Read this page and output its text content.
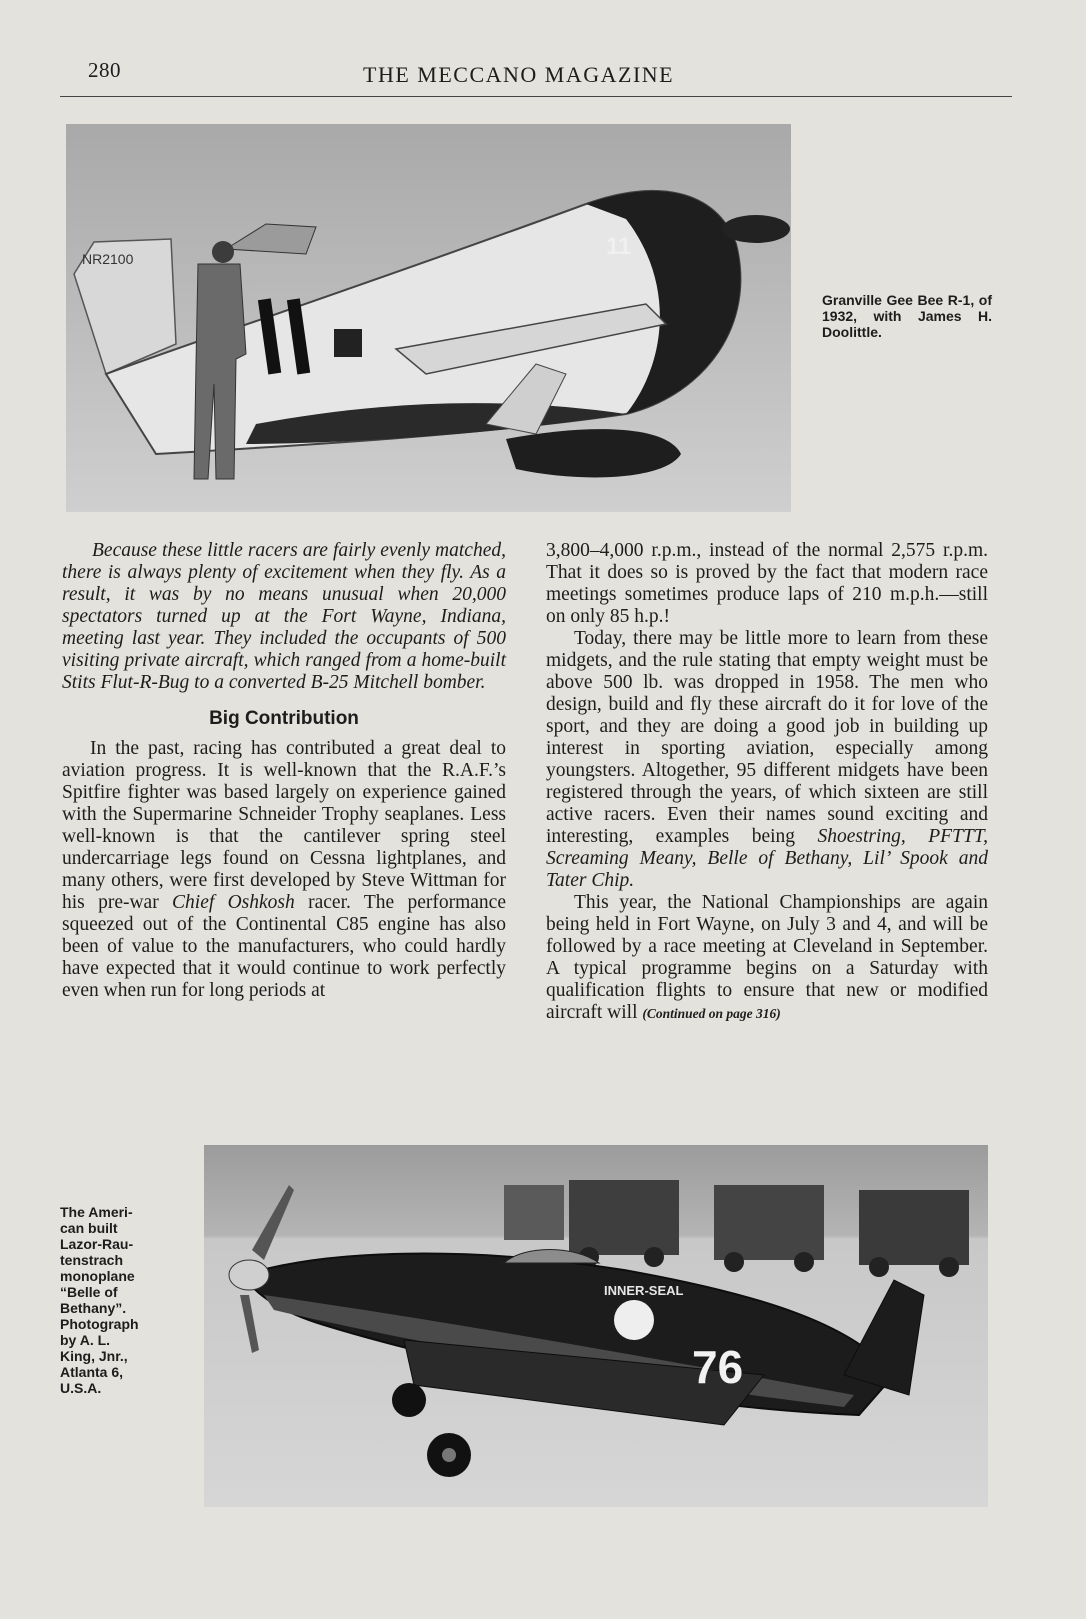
280	THE MECCANO MAGAZINE
NR2100	11
Granville Gee Bee R-1, of 1932, with James H. Doolittle.

Because these little racers are fairly evenly matched, there is always plenty of excitement when they fly. As a result, it was by no means unusual when 20,000 spectators turned up at the Fort Wayne, Indiana, meeting last year. They included the occupants of 500 visiting private aircraft, which ranged from a home-built Stits Flut-R-Bug to a converted B-25 Mitchell bomber.

Big Contribution

In the past, racing has contributed a great deal to aviation progress. It is well-known that the R.A.F.’s Spitfire fighter was based largely on experience gained with the Supermarine Schneider Trophy seaplanes. Less well-known is that the cantilever spring steel undercarriage legs found on Cessna lightplanes, and many others, were first developed by Steve Wittman for his pre-war Chief Oshkosh racer. The performance squeezed out of the Continental C85 engine has also been of value to the manufacturers, who could hardly have expected that it would continue to work perfectly even when run for long periods at

3,800–4,000 r.p.m., instead of the normal 2,575 r.p.m. That it does so is proved by the fact that modern race meetings sometimes produce laps of 210 m.p.h.—still on only 85 h.p.!

Today, there may be little more to learn from these midgets, and the rule stating that empty weight must be above 500 lb. was dropped in 1958. The men who design, build and fly these aircraft do it for love of the sport, and they are doing a good job in building up interest in sporting aviation, especially among youngsters. Altogether, 95 different midgets have been registered through the years, of which sixteen are still active racers. Even their names sound exciting and interesting, examples being Shoestring, PFTTT, Screaming Meany, Belle of Bethany, Lil’ Spook and Tater Chip.

This year, the National Championships are again being held in Fort Wayne, on July 3 and 4, and will be followed by a race meeting at Cleveland in September. A typical programme begins on a Saturday with qualification flights to ensure that new or modified aircraft will (Continued on page 316)

The Ameri-
can built
Lazor-Rau-
tenstrach
monoplane
“Belle of
Bethany”.
Photograph
by A. L.
King, Jnr.,
Atlanta 6,
U.S.A.
INNER-SEAL
76
